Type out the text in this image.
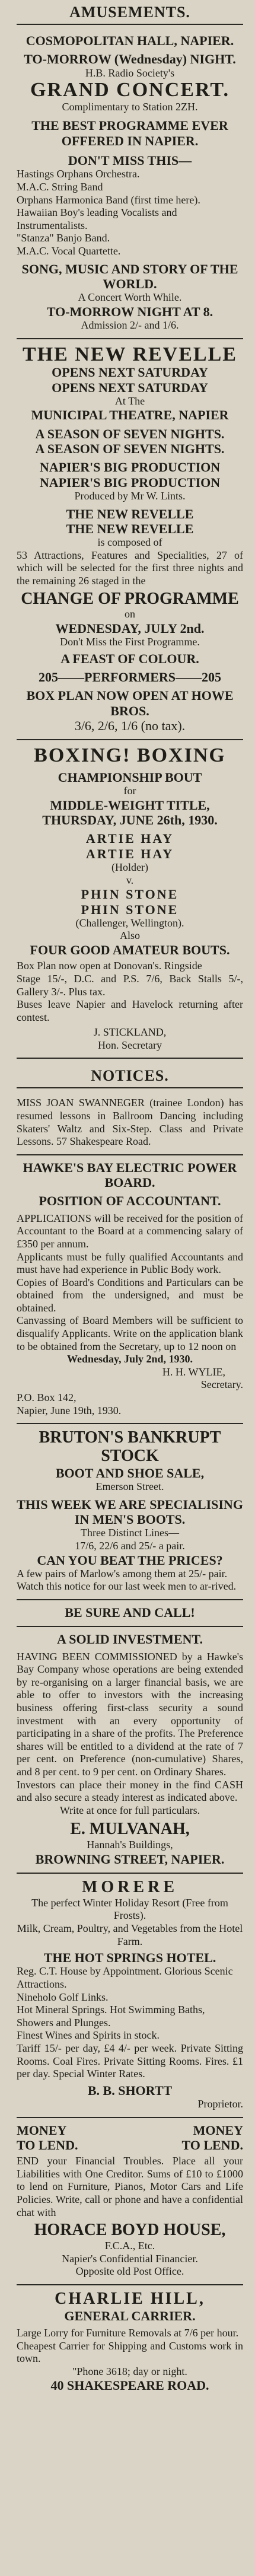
AMUSEMENTS.

COSMOPOLITAN HALL, NAPIER.

TO-MORROW (Wednesday) NIGHT.

H.B. Radio Society's

GRAND CONCERT.

Complimentary to Station 2ZH.

THE BEST PROGRAMME EVER OFFERED IN NAPIER.

DON'T MISS THIS—

Hastings Orphans Orchestra.

M.A.C. String Band

Orphans Harmonica Band (first time here).

Hawaiian Boy's leading Vocalists and Instrumentalists.

"Stanza" Banjo Band.

M.A.C. Vocal Quartette.

SONG, MUSIC AND STORY OF THE WORLD.

A Concert Worth While.

TO-MORROW NIGHT AT 8.

Admission 2/- and 1/6.

THE NEW REVELLE

OPENS NEXT SATURDAY

OPENS NEXT SATURDAY

At The

MUNICIPAL THEATRE, NAPIER

A SEASON OF SEVEN NIGHTS.

A SEASON OF SEVEN NIGHTS.

NAPIER'S BIG PRODUCTION

NAPIER'S BIG PRODUCTION

Produced by Mr W. Lints.

THE NEW REVELLE

THE NEW REVELLE

is composed of

53 Attractions, Features and Specialities, 27 of which will be selected for the first three nights and the remaining 26 staged in the

CHANGE OF PROGRAMME

on

WEDNESDAY, JULY 2nd.

Don't Miss the First Programme.

A FEAST OF COLOUR.

205——PERFORMERS——205

BOX PLAN NOW OPEN AT HOWE BROS.

3/6, 2/6, 1/6 (no tax).

BOXING! BOXING

CHAMPIONSHIP BOUT

for

MIDDLE-WEIGHT TITLE,

THURSDAY, JUNE 26th, 1930.

ARTIE HAY

ARTIE HAY

(Holder)

v.

PHIN STONE

PHIN STONE

(Challenger, Wellington).

Also

FOUR GOOD AMATEUR BOUTS.

Box Plan now open at Donovan's. Ringside

Stage 15/-, D.C. and P.S. 7/6, Back Stalls 5/-, Gallery 3/-. Plus tax.

Buses leave Napier and Havelock returning after contest.

J. STICKLAND,

Hon. Secretary

NOTICES.

MISS JOAN SWANNEGER (trainee London) has resumed lessons in Ballroom Dancing including Skaters' Waltz and Six-Step. Class and Private Lessons. 57 Shakespeare Road.

HAWKE'S BAY ELECTRIC POWER BOARD.

POSITION OF ACCOUNTANT.

APPLICATIONS will be received for the position of Accountant to the Board at a commencing salary of £350 per annum.

Applicants must be fully qualified Accountants and must have had experience in Public Body work.

Copies of Board's Conditions and Particulars can be obtained from the undersigned, and must be obtained.

Canvassing of Board Members will be sufficient to disqualify Applicants. Write on the application blank to be obtained from the Secretary, up to 12 noon on

Wednesday, July 2nd, 1930.

H. H. WYLIE,

Secretary.

P.O. Box 142,

Napier, June 19th, 1930.

BRUTON'S BANKRUPT STOCK

BOOT AND SHOE SALE,

Emerson Street.

THIS WEEK WE ARE SPECIALISING IN MEN'S BOOTS.

Three Distinct Lines—

17/6, 22/6 and 25/- a pair.

CAN YOU BEAT THE PRICES?

A few pairs of Marlow's among them at 25/- pair.

Watch this notice for our last week men to ar-rived.

BE SURE AND CALL!

A SOLID INVESTMENT.

HAVING BEEN COMMISSIONED by a Hawke's Bay Company whose operations are being extended by re-organising on a larger financial basis, we are able to offer to investors with the increasing business offering first-class security a sound investment with an every opportunity of participating in a share of the profits. The Preference shares will be entitled to a dividend at the rate of 7 per cent. on Preference (non-cumulative) Shares, and 8 per cent. to 9 per cent. on Ordinary Shares.

Investors can place their money in the find CASH and also secure a steady interest as indicated above.

Write at once for full particulars.

E. MULVANAH,

Hannah's Buildings,

BROWNING STREET, NAPIER.

MORERE

The perfect Winter Holiday Resort (Free from Frosts).

Milk, Cream, Poultry, and Vegetables from the Hotel Farm.

THE HOT SPRINGS HOTEL.

Reg. C.T. House by Appointment. Glorious Scenic Attractions.

Nineholo Golf Links.

Hot Mineral Springs. Hot Swimming Baths, Showers and Plunges.

Finest Wines and Spirits in stock.

Tariff 15/- per day, £4 4/- per week. Private Sitting Rooms. Coal Fires. Private Sitting Rooms. Fires. £1 per day. Special Winter Rates.

B. B. SHORTT

Proprietor.

MONEY	MONEY

TO LEND.	TO LEND.

END your Financial Troubles. Place all your Liabilities with One Creditor. Sums of £10 to £1000 to lend on Furniture, Pianos, Motor Cars and Life Policies. Write, call or phone and have a confidential chat with

HORACE BOYD HOUSE,

F.C.A., Etc.

Napier's Confidential Financier.

Opposite old Post Office.

CHARLIE HILL,

GENERAL CARRIER.

Large Lorry for Furniture Removals at 7/6 per hour.

Cheapest Carrier for Shipping and Customs work in town.

"Phone 3618; day or night.

40 SHAKESPEARE ROAD.
